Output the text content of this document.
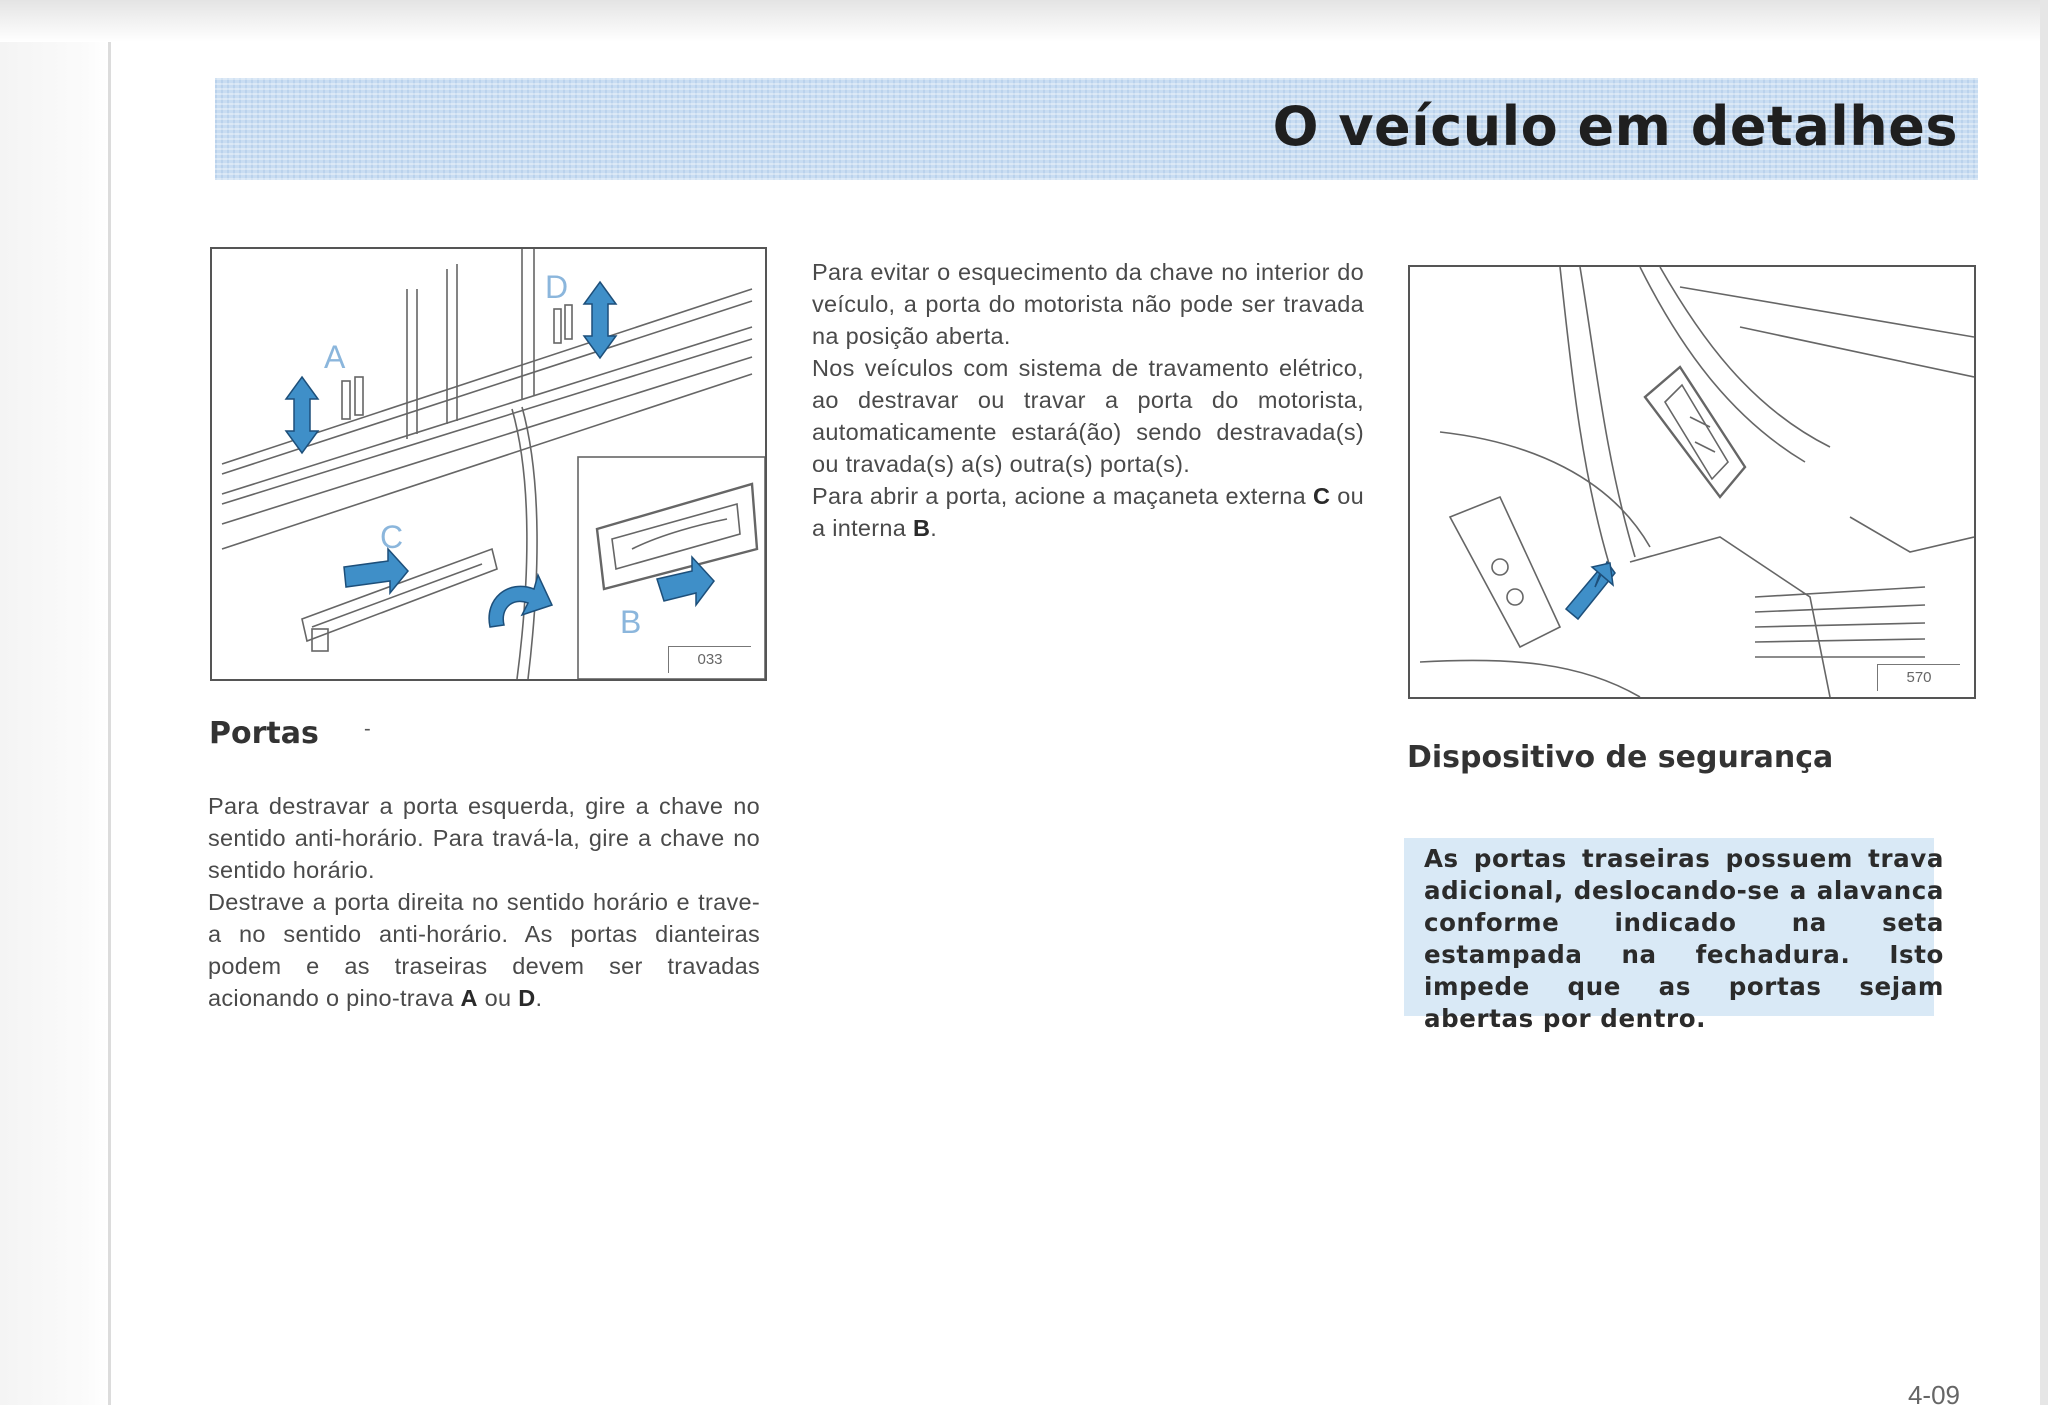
O veículo em detalhes
A
D
C
B
033

Para evitar o esquecimento da chave no interior do veículo, a porta do motorista não pode ser travada na posição aberta.
Nos veículos com sistema de travamento elétrico, ao destravar ou travar a porta do motorista, automaticamente estará(ão) sendo destravada(s) ou travada(s) a(s) outra(s) porta(s).
Para abrir a porta, acione a maçaneta externa C ou a interna B.

570
Portas -

Para destravar a porta esquerda, gire a chave no sentido anti-horário. Para travá-la, gire a chave no sentido horário.
Destrave a porta direita no sentido horário e trave-a no sentido anti-horário. As portas dianteiras podem e as traseiras devem ser travadas acionando o pino-trava A ou D.

Dispositivo de segurança

As portas traseiras possuem trava adicional, deslocando-se a alavanca conforme indicado na seta estampada na fechadura. Isto impede que as portas sejam abertas por dentro.

4-09
